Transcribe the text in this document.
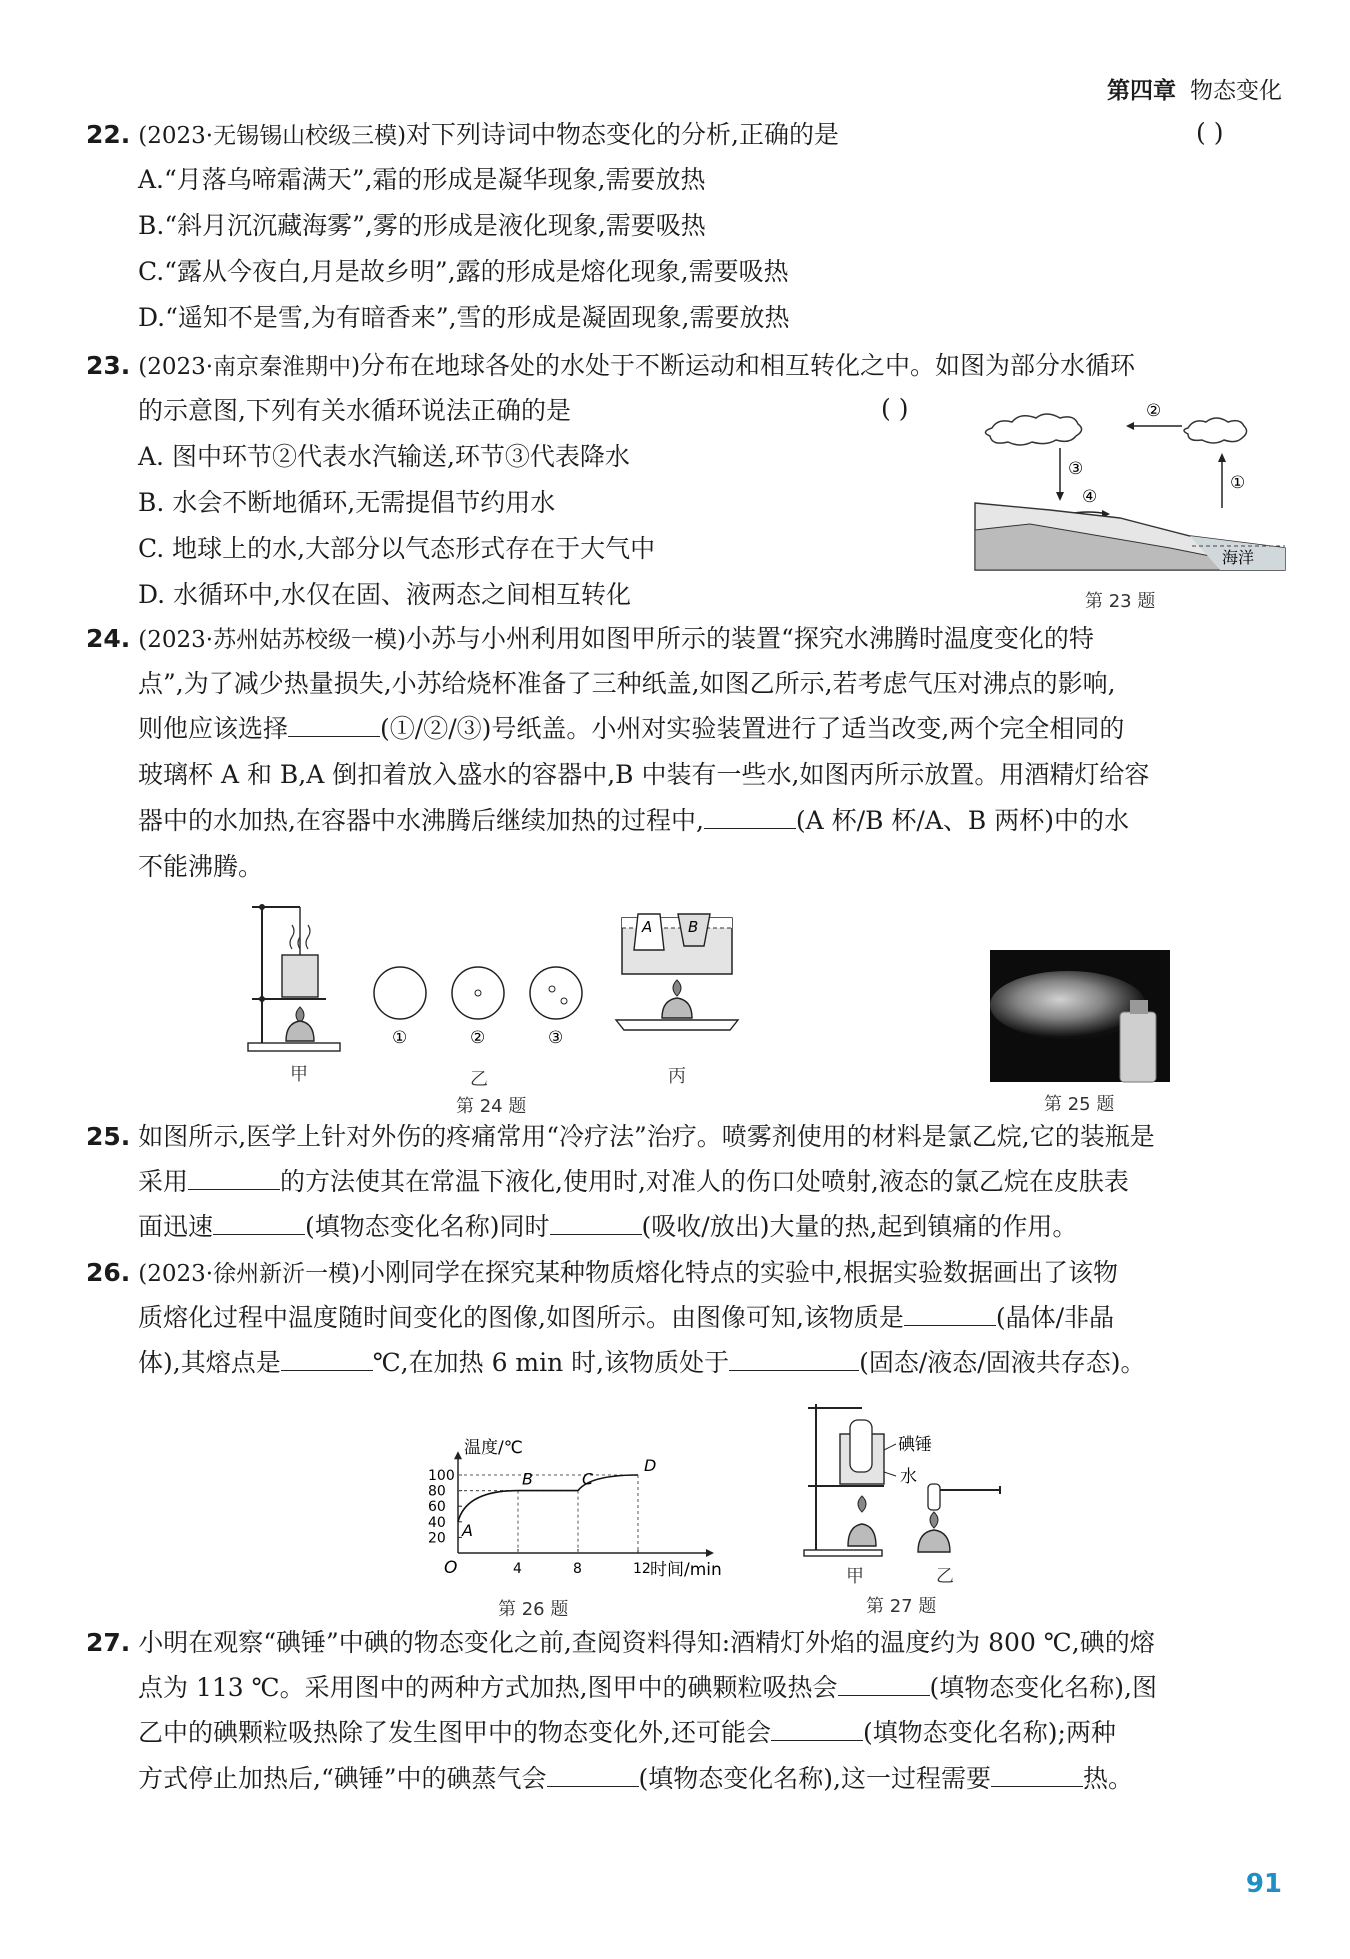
第四章 物态变化
22. (2023·无锡锡山校级三模)对下列诗词中物态变化的分析,正确的是	( )
A.“月落乌啼霜满天”,霜的形成是凝华现象,需要放热
B.“斜月沉沉藏海雾”,雾的形成是液化现象,需要吸热
C.“露从今夜白,月是故乡明”,露的形成是熔化现象,需要吸热
D.“遥知不是雪,为有暗香来”,雪的形成是凝固现象,需要放热
23. (2023·南京秦淮期中)分布在地球各处的水处于不断运动和相互转化之中。如图为部分水循环
的示意图,下列有关水循环说法正确的是	( )
A. 图中环节②代表水汽输送,环节③代表降水
B. 水会不断地循环,无需提倡节约用水
C. 地球上的水,大部分以气态形式存在于大气中
D. 水循环中,水仅在固、液两态之间相互转化
②
③
①
④
海洋
第 23 题
24. (2023·苏州姑苏校级一模)小苏与小州利用如图甲所示的装置“探究水沸腾时温度变化的特
点”,为了减少热量损失,小苏给烧杯准备了三种纸盖,如图乙所示,若考虑气压对沸点的影响,
则他应该选择	(①/②/③)号纸盖。小州对实验装置进行了适当改变,两个完全相同的
玻璃杯 A 和 B,A 倒扣着放入盛水的容器中,B 中装有一些水,如图丙所示放置。用酒精灯给容
器中的水加热,在容器中水沸腾后继续加热的过程中,	(A 杯/B 杯/A、B 两杯)中的水
不能沸腾。
甲
①	②	③
乙
A B
丙
第 24 题	第 25 题
25. 如图所示,医学上针对外伤的疼痛常用“冷疗法”治疗。喷雾剂使用的材料是氯乙烷,它的装瓶是
采用	的方法使其在常温下液化,使用时,对准人的伤口处喷射,液态的氯乙烷在皮肤表
面迅速	(填物态变化名称)同时	(吸收/放出)大量的热,起到镇痛的作用。
26. (2023·徐州新沂一模)小刚同学在探究某种物质熔化特点的实验中,根据实验数据画出了该物
质熔化过程中温度随时间变化的图像,如图所示。由图像可知,该物质是	(晶体/非晶
体),其熔点是	℃,在加热 6 min 时,该物质处于	(固态/液态/固液共存态)。
温度/℃
时间/min
O
20
40
60
80
100
4	8	12
A
B	C
D
第 26 题
碘锤
水
甲	乙
第 27 题
27. 小明在观察“碘锤”中碘的物态变化之前,查阅资料得知:酒精灯外焰的温度约为 800 ℃,碘的熔
点为 113 ℃。采用图中的两种方式加热,图甲中的碘颗粒吸热会	(填物态变化名称),图
乙中的碘颗粒吸热除了发生图甲中的物态变化外,还可能会	(填物态变化名称);两种
方式停止加热后,“碘锤”中的碘蒸气会	(填物态变化名称),这一过程需要	热。
91
